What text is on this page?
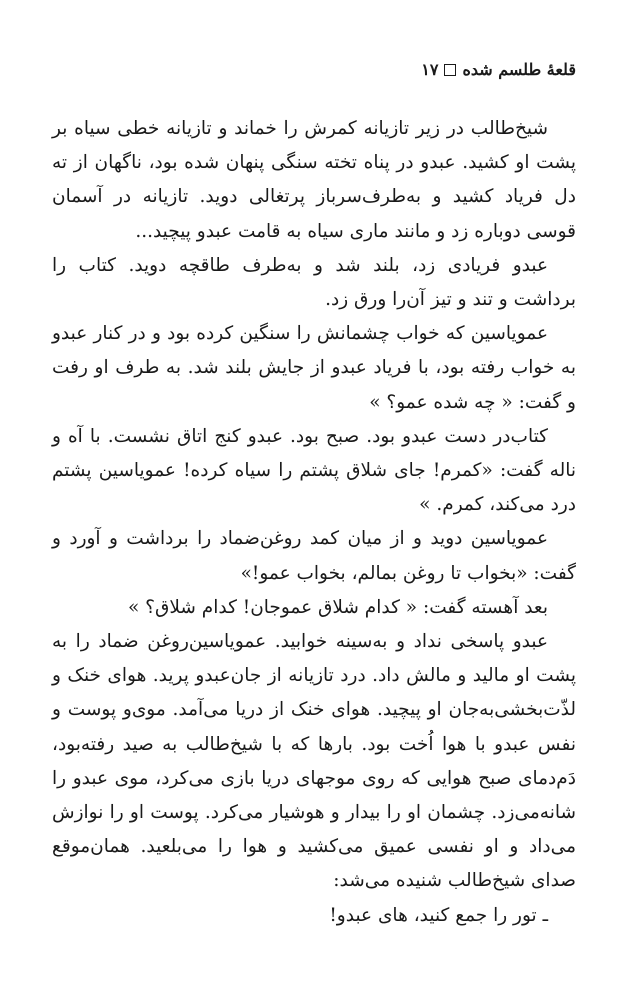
۱۷ قلعهٔ طلسم شده

شیخ‌طالب در زیر تازیانه کمرش را خماند و تازیانه خطی سیاه بر پشت او کشید. عبدو در پناه تخته سنگی پنهان شده بود، ناگهان از ته دل فریاد کشید و به‌طرف‌سرباز پرتغالی دوید. تازیانه در آسمان قوسی دوباره زد و مانند ماری سیاه به قامت عبدو پیچید...

عبدو فریادی زد، بلند شد و به‌طرف طاقچه دوید. کتاب را برداشت و تند و تیز آن‌را ورق زد.

عمویاسین که خواب چشمانش را سنگین کرده بود و در کنار عبدو به خواب رفته بود، با فریاد عبدو از جایش بلند شد. به طرف او رفت و گفت: « چه شده عمو؟ »

کتاب‌در دست عبدو بود. صبح بود. عبدو کنج اتاق نشست. با آه و ناله گفت: «کمرم! جای شلاق پشتم را سیاه کرده! عمویاسین پشتم درد می‌کند، کمرم. »

عمویاسین دوید و از میان کمد روغن‌ضماد را برداشت و آورد و گفت: «بخواب تا روغن بمالم، بخواب عمو!»

بعد آهسته گفت: « کدام شلاق عموجان! کدام شلاق؟ »

عبدو پاسخی نداد و به‌سینه خوابید. عمویاسین‌روغن ضماد را به پشت او مالید و مالش داد. درد تازیانه از جان‌عبدو پرید. هوای خنک و لذّت‌بخشی‌به‌جان او پیچید. هوای خنک از دریا می‌آمد. موی‌و پوست و نفس عبدو با هوا اُخت بود. بارها که با شیخ‌طالب به صید رفته‌بود، دَم‌دمای صبح هوایی که روی موجهای دریا بازی می‌کرد، موی عبدو را شانه‌می‌زد. چشمان او را بیدار و هوشیار می‌کرد. پوست او را نوازش می‌داد و او نفسی عمیق می‌کشید و هوا را می‌بلعید. همان‌موقع صدای شیخ‌طالب شنیده می‌شد:

ـ تور را جمع کنید، های عبدو!
